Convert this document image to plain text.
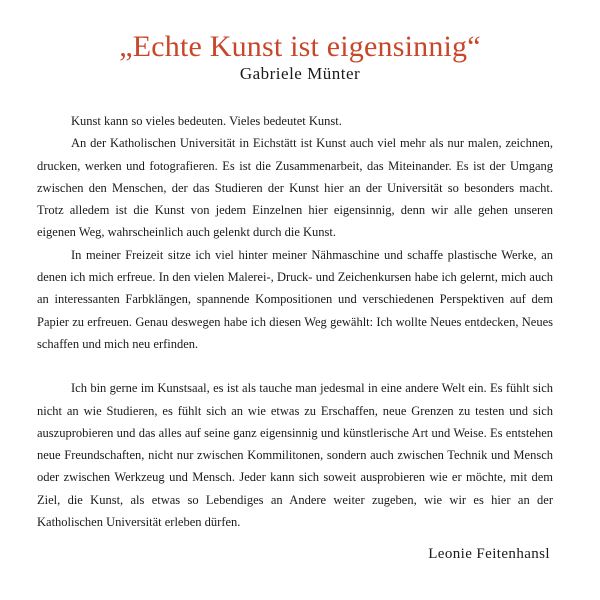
„Echte Kunst ist eigensinnig“
Gabriele Münter

Kunst kann so vieles bedeuten. Vieles bedeutet Kunst.

An der Katholischen Universität in Eichstätt ist Kunst auch viel mehr als nur malen, zeichnen, drucken, werken und fotografieren. Es ist die Zusammenarbeit, das Miteinander. Es ist der Umgang zwischen den Menschen, der das Studieren der Kunst hier an der Universität so besonders macht. Trotz alledem ist die Kunst von jedem Einzelnen hier eigensinnig, denn wir alle gehen unseren eigenen Weg, wahrscheinlich auch gelenkt durch die Kunst.

In meiner Freizeit sitze ich viel hinter meiner Nähmaschine und schaffe plastische Werke, an denen ich mich erfreue. In den vielen Malerei-, Druck- und Zeichenkursen habe ich gelernt, mich auch an interessanten Farbklängen, spannende Kompositionen und verschiedenen Perspektiven auf dem Papier zu erfreuen. Genau deswegen habe ich diesen Weg gewählt: Ich wollte Neues entdecken, Neues schaffen und mich neu erfinden.

Ich bin gerne im Kunstsaal, es ist als tauche man jedesmal in eine andere Welt ein. Es fühlt sich nicht an wie Studieren, es fühlt sich an wie etwas zu Erschaffen, neue Grenzen zu testen und sich auszuprobieren und das alles auf seine ganz eigensinnig und künstlerische Art und Weise. Es entstehen neue Freundschaften, nicht nur zwischen Kommilitonen, sondern auch zwischen Technik und Mensch oder zwischen Werkzeug und Mensch. Jeder kann sich soweit ausprobieren wie er möchte, mit dem Ziel, die Kunst, als etwas so Lebendiges an Andere weiter zugeben, wie wir es hier an der Katholischen Universität erleben dürfen.

Leonie Feitenhansl
